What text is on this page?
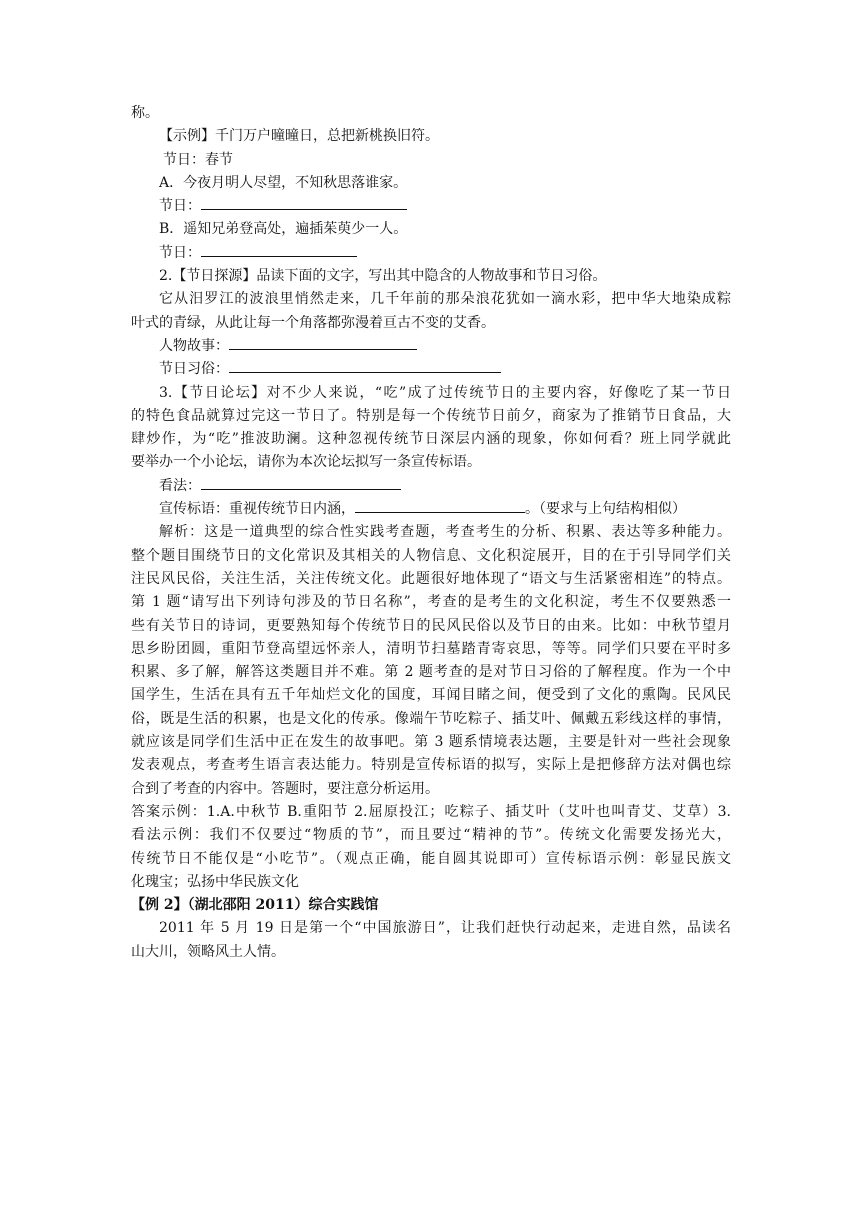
称。
【示例】千门万户曈曈日，总把新桃换旧符。
节日：春节
A．今夜月明人尽望，不知秋思落谁家。
节日：
B．遥知兄弟登高处，遍插茱萸少一人。
节日：
2.【节日探源】品读下面的文字，写出其中隐含的人物故事和节日习俗。
它从汨罗江的波浪里悄然走来，几千年前的那朵浪花犹如一滴水彩，把中华大地染成粽
叶式的青绿，从此让每一个角落都弥漫着亘古不变的艾香。
人物故事：
节日习俗：
3.【节日论坛】对不少人来说，“吃”成了过传统节日的主要内容，好像吃了某一节日
的特色食品就算过完这一节日了。特别是每一个传统节日前夕，商家为了推销节日食品，大
肆炒作，为“吃”推波助澜。这种忽视传统节日深层内涵的现象，你如何看？班上同学就此
要举办一个小论坛，请你为本次论坛拟写一条宣传标语。
看法：
宣传标语：重视传统节日内涵，	。（要求与上句结构相似）
解析：这是一道典型的综合性实践考查题，考查考生的分析、积累、表达等多种能力。
整个题目围绕节日的文化常识及其相关的人物信息、文化积淀展开，目的在于引导同学们关
注民风民俗，关注生活，关注传统文化。此题很好地体现了“语文与生活紧密相连”的特点。
第 1 题“请写出下列诗句涉及的节日名称”，考查的是考生的文化积淀，考生不仅要熟悉一
些有关节日的诗词，更要熟知每个传统节日的民风民俗以及节日的由来。比如：中秋节望月
思乡盼团圆，重阳节登高望远怀亲人，清明节扫墓踏青寄哀思，等等。同学们只要在平时多
积累、多了解，解答这类题目并不难。第 2 题考查的是对节日习俗的了解程度。作为一个中
国学生，生活在具有五千年灿烂文化的国度，耳闻目睹之间，便受到了文化的熏陶。民风民
俗，既是生活的积累，也是文化的传承。像端午节吃粽子、插艾叶、佩戴五彩线这样的事情，
就应该是同学们生活中正在发生的故事吧。第 3 题系情境表达题，主要是针对一些社会现象
发表观点，考查考生语言表达能力。特别是宣传标语的拟写，实际上是把修辞方法对偶也综
合到了考查的内容中。答题时，要注意分析运用。
答案示例：1.A.中秋节 B.重阳节 2.屈原投江；吃粽子、插艾叶（艾叶也叫青艾、艾草）3.
看法示例：我们不仅要过“物质的节”，而且要过“精神的节”。传统文化需要发扬光大，
传统节日不能仅是“小吃节”。（观点正确，能自圆其说即可）宣传标语示例：彰显民族文
化瑰宝；弘扬中华民族文化
【例 2】（湖北邵阳 2011）综合实践馆
2011 年 5 月 19 日是第一个“中国旅游日”，让我们赶快行动起来，走进自然，品读名
山大川，领略风土人情。
